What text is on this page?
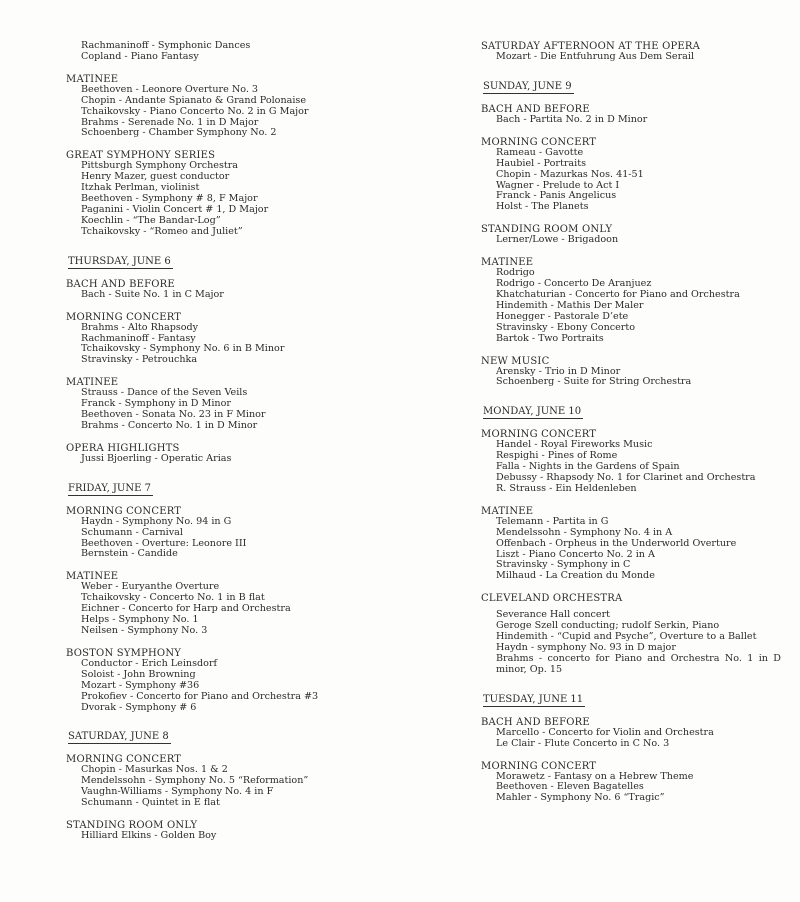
Rachmaninoff - Symphonic Dances
Copland - Piano Fantasy
MATINEE
Beethoven - Leonore Overture No. 3
Chopin - Andante Spianato & Grand Polonaise
Tchaikovsky - Piano Concerto No. 2 in G Major
Brahms - Serenade No. 1 in D Major
Schoenberg - Chamber Symphony No. 2
GREAT SYMPHONY SERIES
Pittsburgh Symphony Orchestra
Henry Mazer, guest conductor
Itzhak Perlman, violinist
Beethoven - Symphony # 8, F Major
Paganini - Violin Concert # 1, D Major
Koechlin - “The Bandar-Log”
Tchaikovsky - “Romeo and Juliet”
THURSDAY, JUNE 6
BACH AND BEFORE
Bach - Suite No. 1 in C Major
MORNING CONCERT
Brahms - Alto Rhapsody
Rachmaninoff - Fantasy
Tchaikovsky - Symphony No. 6 in B Minor
Stravinsky - Petrouchka
MATINEE
Strauss - Dance of the Seven Veils
Franck - Symphony in D Minor
Beethoven - Sonata No. 23 in F Minor
Brahms - Concerto No. 1 in D Minor
OPERA HIGHLIGHTS
Jussi Bjoerling - Operatic Arias
FRIDAY, JUNE 7
MORNING CONCERT
Haydn - Symphony No. 94 in G
Schumann - Carnival
Beethoven - Overture: Leonore III
Bernstein - Candide
MATINEE
Weber - Euryanthe Overture
Tchaikovsky - Concerto No. 1 in B flat
Eichner - Concerto for Harp and Orchestra
Helps - Symphony No. 1
Neilsen - Symphony No. 3
BOSTON SYMPHONY
Conductor - Erich Leinsdorf
Soloist - John Browning
Mozart - Symphony #36
Prokofiev - Concerto for Piano and Orchestra #3
Dvorak - Symphony # 6
SATURDAY, JUNE 8
MORNING CONCERT
Chopin - Masurkas Nos. 1 & 2
Mendelssohn - Symphony No. 5 “Reformation”
Vaughn-Williams - Symphony No. 4 in F
Schumann - Quintet in E flat
STANDING ROOM ONLY
Hilliard Elkins - Golden Boy
SATURDAY AFTERNOON AT THE OPERA
Mozart - Die Entfuhrung Aus Dem Serail
SUNDAY, JUNE 9
BACH AND BEFORE
Bach - Partita No. 2 in D Minor
MORNING CONCERT
Rameau - Gavotte
Haubiel - Portraits
Chopin - Mazurkas Nos. 41-51
Wagner - Prelude to Act I
Franck - Panis Angelicus
Holst - The Planets
STANDING ROOM ONLY
Lerner/Lowe - Brigadoon
MATINEE
Rodrigo
Rodrigo - Concerto De Aranjuez
Khatchaturian - Concerto for Piano and Orchestra
Hindemith - Mathis Der Maler
Honegger - Pastorale D’ete
Stravinsky - Ebony Concerto
Bartok - Two Portraits
NEW MUSIC
Arensky - Trio in D Minor
Schoenberg - Suite for String Orchestra
MONDAY, JUNE 10
MORNING CONCERT
Handel - Royal Fireworks Music
Respighi - Pines of Rome
Falla - Nights in the Gardens of Spain
Debussy - Rhapsody No. 1 for Clarinet and Orchestra
R. Strauss - Ein Heldenleben
MATINEE
Telemann - Partita in G
Mendelssohn - Symphony No. 4 in A
Offenbach - Orpheus in the Underworld Overture
Liszt - Piano Concerto No. 2 in A
Stravinsky - Symphony in C
Milhaud - La Creation du Monde
CLEVELAND ORCHESTRA
Severance Hall concert
Geroge Szell conducting; rudolf Serkin, Piano
Hindemith - “Cupid and Psyche”, Overture to a Ballet
Haydn - symphony No. 93 in D major
Brahms - concerto for Piano and Orchestra No. 1 in D minor, Op. 15
TUESDAY, JUNE 11
BACH AND BEFORE
Marcello - Concerto for Violin and Orchestra
Le Clair - Flute Concerto in C No. 3
MORNING CONCERT
Morawetz - Fantasy on a Hebrew Theme
Beethoven - Eleven Bagatelles
Mahler - Symphony No. 6 “Tragic”
